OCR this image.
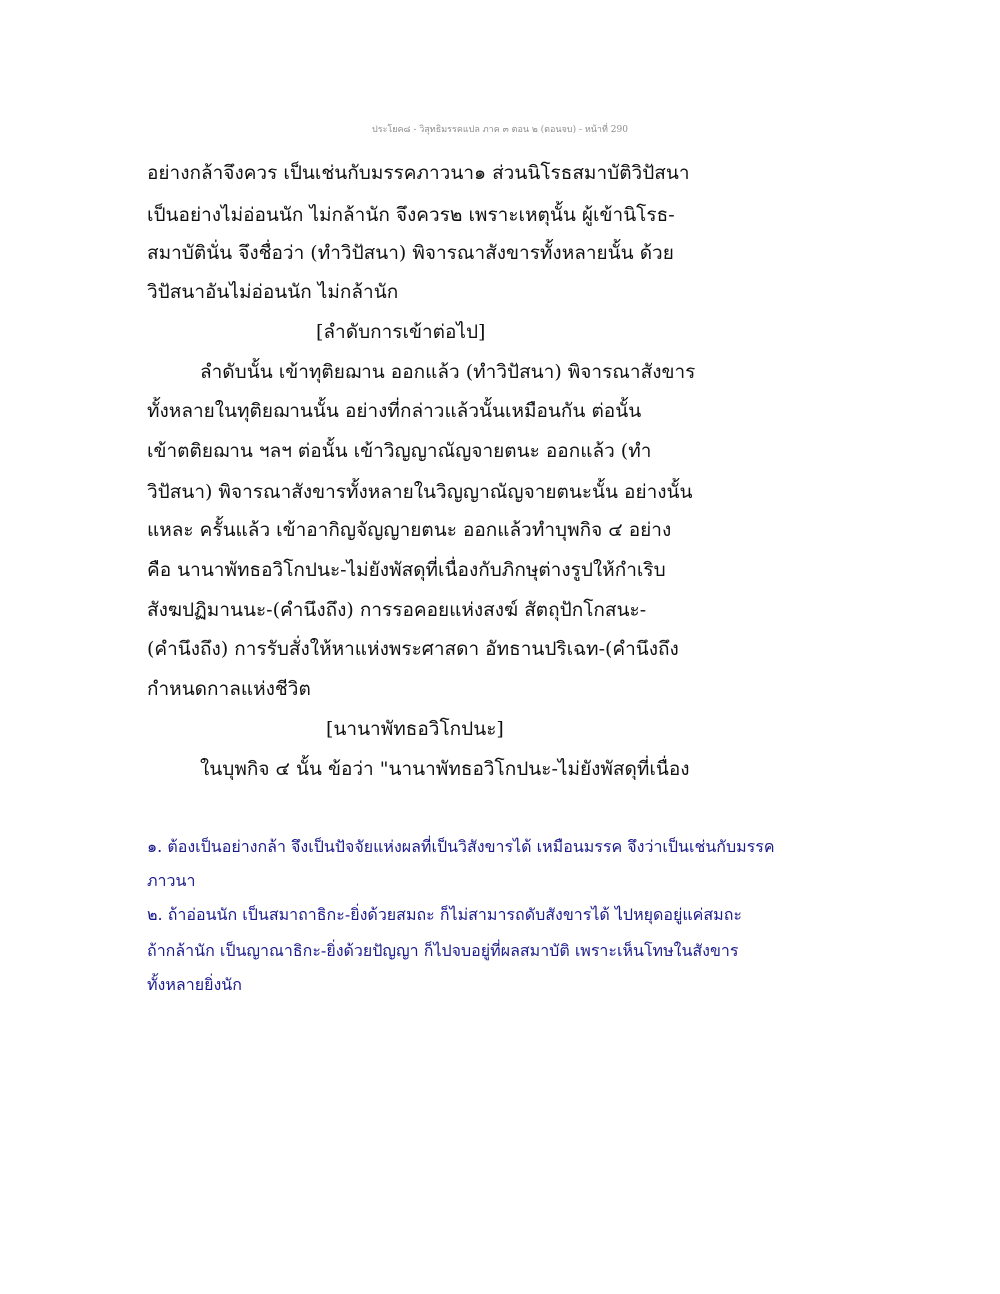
ประโยค๘ - วิสุทธิมรรคแปล ภาค ๓ ตอน ๒ (ตอนจบ) - หน้าที่ 290
อย่างกล้าจึงควร เป็นเช่นกับมรรคภาวนา๑ ส่วนนิโรธสมาบัติวิปัสนา
เป็นอย่างไม่อ่อนนัก ไม่กล้านัก จึงควร๒ เพราะเหตุนั้น ผู้เข้านิโรธ-
สมาบัตินั่น จึงชื่อว่า (ทำวิปัสนา) พิจารณาสังขารทั้งหลายนั้น ด้วย
วิปัสนาอันไม่อ่อนนัก ไม่กล้านัก
[ลำดับการเข้าต่อไป]
ลำดับนั้น เข้าทุติยฌาน ออกแล้ว (ทำวิปัสนา) พิจารณาสังขาร
ทั้งหลายในทุติยฌานนั้น อย่างที่กล่าวแล้วนั้นเหมือนกัน ต่อนั้น
เข้าตติยฌาน ฯลฯ ต่อนั้น เข้าวิญญาณัญจายตนะ ออกแล้ว (ทำ
วิปัสนา) พิจารณาสังขารทั้งหลายในวิญญาณัญจายตนะนั้น อย่างนั้น
แหละ ครั้นแล้ว เข้าอากิญจัญญายตนะ ออกแล้วทำบุพกิจ ๔ อย่าง
คือ นานาพัทธอวิโกปนะ-ไม่ยังพัสดุที่เนื่องกับภิกษุต่างรูปให้กำเริบ
สังฆปฏิมานนะ-(คำนึงถึง) การรอคอยแห่งสงฆ์ สัตถุปักโกสนะ-
(คำนึงถึง) การรับสั่งให้หาแห่งพระศาสดา อัทธานปริเฉท-(คำนึงถึง
กำหนดกาลแห่งชีวิต
[นานาพัทธอวิโกปนะ]
ในบุพกิจ ๔ นั้น ข้อว่า "นานาพัทธอวิโกปนะ-ไม่ยังพัสดุที่เนื่อง
๑. ต้องเป็นอย่างกล้า จึงเป็นปัจจัยแห่งผลที่เป็นวิสังขารได้ เหมือนมรรค จึงว่าเป็นเช่นกับมรรค
ภาวนา
๒. ถ้าอ่อนนัก เป็นสมาถาธิกะ-ยิ่งด้วยสมถะ ก็ไม่สามารถดับสังขารได้ ไปหยุดอยู่แค่สมถะ
ถ้ากล้านัก เป็นญาณาธิกะ-ยิ่งด้วยปัญญา ก็ไปจบอยู่ที่ผลสมาบัติ เพราะเห็นโทษในสังขาร
ทั้งหลายยิ่งนัก
